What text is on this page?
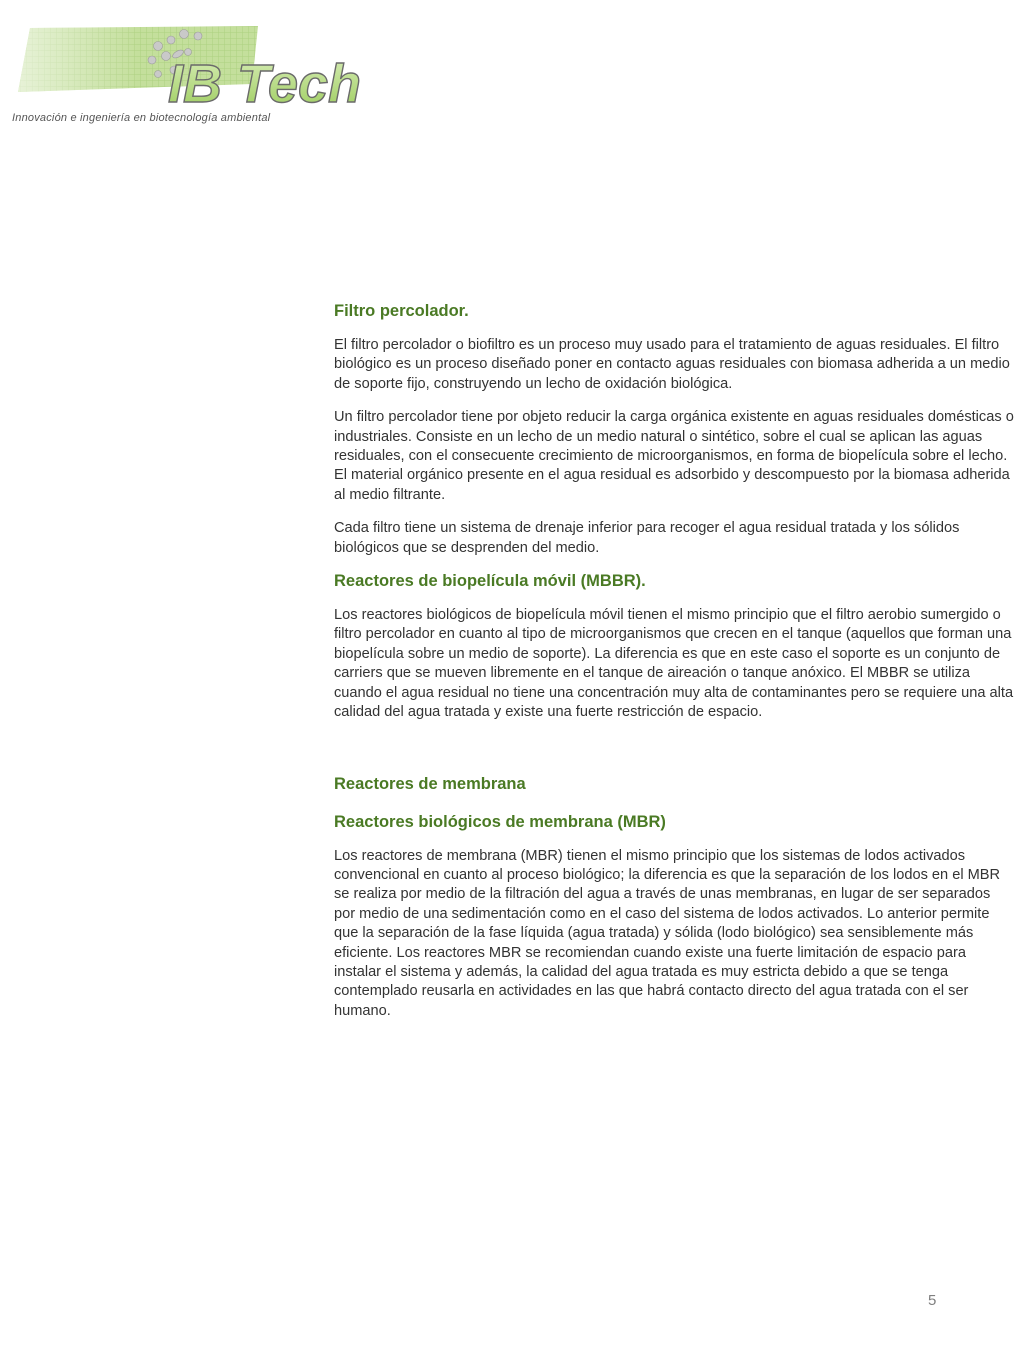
IB Tech
Innovación e ingeniería en biotecnología ambiental
Filtro percolador.

El filtro percolador o biofiltro es un proceso muy usado para el tratamiento de aguas residuales. El filtro biológico es un proceso diseñado poner en contacto aguas residuales con biomasa adherida a un medio de soporte fijo, construyendo un lecho de oxidación biológica.

Un filtro percolador tiene por objeto reducir la carga orgánica existente en aguas residuales domésticas o industriales. Consiste en un lecho de un medio natural o sintético, sobre el cual se aplican las aguas residuales, con el consecuente crecimiento de microorganismos, en forma de biopelícula sobre el lecho. El material orgánico presente en el agua residual es adsorbido y descompuesto por la biomasa adherida al medio filtrante.

Cada filtro tiene un sistema de drenaje inferior para recoger el agua residual tratada y los sólidos biológicos que se desprenden del medio.

Reactores de biopelícula móvil (MBBR).

Los reactores biológicos de biopelícula móvil tienen el mismo principio que el filtro aerobio sumergido o filtro percolador en cuanto al tipo de microorganismos que crecen en el tanque (aquellos que forman una biopelícula sobre un medio de soporte). La diferencia es que en este caso el soporte es un conjunto de carriers que se mueven libremente en el tanque de aireación o tanque anóxico. El MBBR se utiliza cuando el agua residual no tiene una concentración muy alta de contaminantes pero se requiere una alta calidad del agua tratada y existe una fuerte restricción de espacio.

Reactores de membrana
Reactores biológicos de membrana (MBR)

Los reactores de membrana (MBR) tienen el mismo principio que los sistemas de lodos activados convencional en cuanto al proceso biológico; la diferencia es que la separación de los lodos en el MBR se realiza por medio de la filtración del agua a través de unas membranas, en lugar de ser separados por medio de una sedimentación como en el caso del sistema de lodos activados. Lo anterior permite que la separación de la fase líquida (agua tratada) y sólida (lodo biológico) sea sensiblemente más eficiente. Los reactores MBR se recomiendan cuando existe una fuerte limitación de espacio para instalar el sistema y además, la calidad del agua tratada es muy estricta debido a que se tenga contemplado reusarla en actividades en las que habrá contacto directo del agua tratada con el ser humano.

5
